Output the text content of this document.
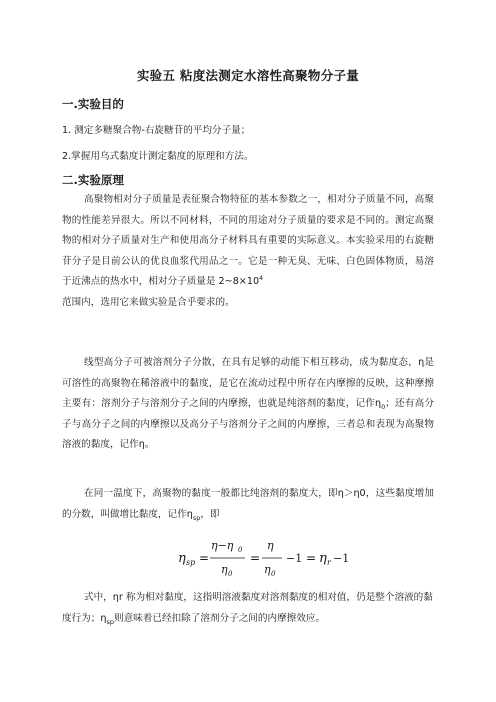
实验五 粘度法测定水溶性高聚物分子量
一.实验目的
1. 测定多糖聚合物-右旋糖苷的平均分子量；
2.掌握用乌式黏度计测定黏度的原理和方法。
二.实验原理

高聚物相对分子质量是表征聚合物特征的基本参数之一，相对分子质量不同，高聚物的性能差异很大。所以不同材料，不同的用途对分子质量的要求是不同的。测定高聚物的相对分子质量对生产和使用高分子材料具有重要的实际意义。本实验采用的右旋糖苷分子是目前公认的优良血浆代用品之一。它是一种无臭、无味、白色固体物质，易溶于近沸点的热水中，相对分子质量是 $2\sim 8\times 10^4$
范围内，选用它来做实验是合乎要求的。

线型高分子可被溶剂分子分散，在具有足够的动能下相互移动，成为黏度态，η是可溶性的高聚物在稀溶液中的黏度，是它在流动过程中所存在内摩擦的反映，这种摩擦主要有：溶剂分子与溶剂分子之间的内摩擦，也就是纯溶剂的黏度，记作$\eta_0$；还有高分子与高分子之间的内摩擦以及高分子与溶剂分子之间的内摩擦，三者总和表现为高聚物溶液的黏度，记作η。

在同一温度下，高聚物的黏度一般都比纯溶剂的黏度大，即η＞η0，这些黏度增加的分数，叫做增比黏度，记作$\eta_{sp}$，即

η sp =
η−η 0
η 0
=
η
η 0
−1 = η r −1

式中，ηr 称为相对黏度，这指明溶液黏度对溶剂黏度的相对值，仍是整个溶液的黏度行为；$\eta_{sp}$则意味着已经扣除了溶剂分子之间的内摩擦效应。
